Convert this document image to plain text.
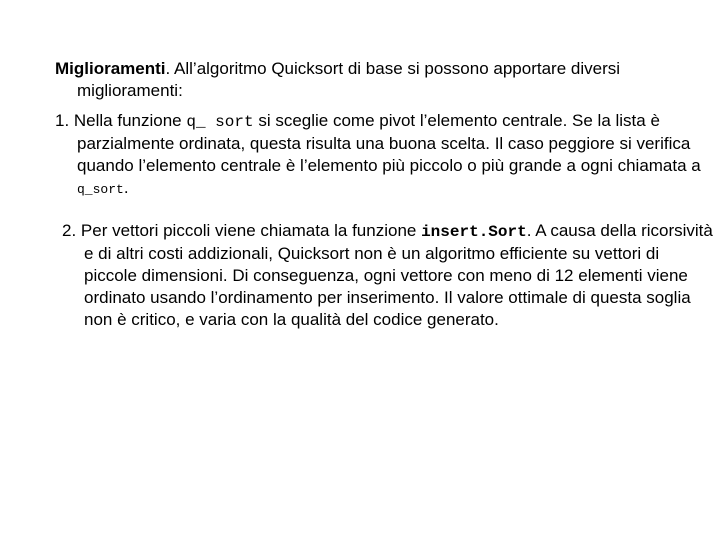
Miglioramenti. All’algoritmo Quicksort di base si possono apportare diversi miglioramenti:

1. Nella funzione q_ sort si sceglie come pivot l’elemento centrale. Se la lista è parzialmente ordinata, questa risulta una buona scelta. Il caso peggiore si verifica quando l’elemento centrale è l’elemento più piccolo o più grande a ogni chiamata a q_sort.

2. Per vettori piccoli viene chiamata la funzione insert.Sort. A causa della ricorsività e di altri costi addizionali, Quicksort non è un algoritmo efficiente su vettori di piccole dimensioni. Di conseguenza, ogni vettore con meno di 12 elementi viene ordinato usando l’ordinamento per inserimento. Il valore ottimale di questa soglia non è critico, e varia con la qualità del codice generato.
